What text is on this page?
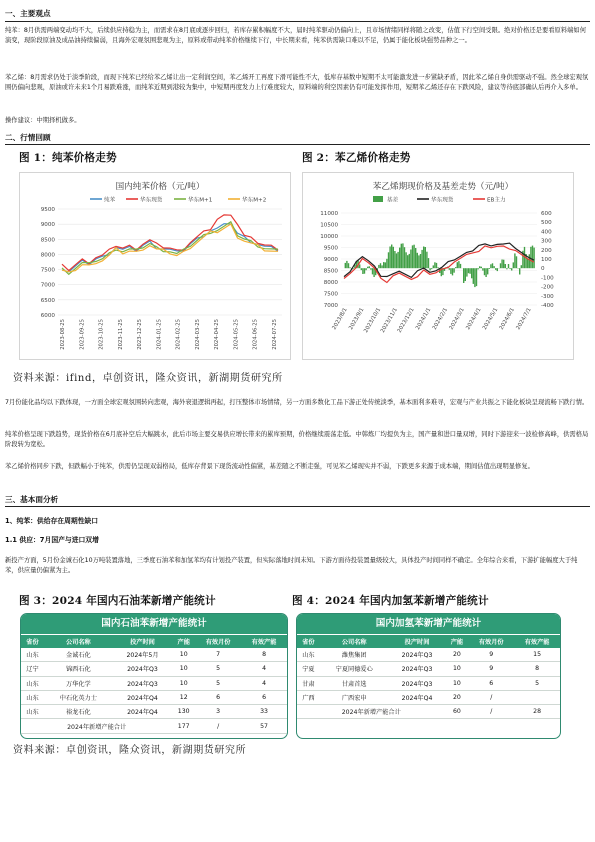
一、主要观点
纯苯：8月供需两端变动均不大，后续供应持稳为主，而需求在8月底或逐步回归，若库存累积幅度不大，届时纯苯驱动仍偏向上，且市场情绪同样将随之改变，估值下行空间受限。绝对价格还是要看原料端如何演变，现阶段原油及成品油持续偏弱，且海外宏观氛围悲观为主，原料或带动纯苯价格继续下行，中长期来看，纯苯供需缺口难以不足，仍属于能化板块强势品种之一。
苯乙烯：8月需求仍处于淡季阶段，而现下纯苯已经给苯乙烯让出一定利润空间，苯乙烯开工再度下滑可能性不大，低库存基数中短期不太可能激发进一步紧缺矛盾，因此苯乙烯自身供需驱动不强。然全球宏观氛围仍偏向悲观，原油或许未来1个月易跌难涨，而纯苯近期到港较为集中，中短期再度发力上行难度较大，原料端的利空因素仍有可能发挥作用，短期苯乙烯还存在下跌风险，建议等待底部确认后再介入多单。
操作建议：中期择机做多。
二、行情回顾
图 1：纯苯价格走势	图 2：苯乙烯价格走势
国内纯苯价格（元/吨）
纯苯	华东现货	华东M+1	华东M+2
9500
9000
8500
8000
7500
7000
6500
6000
2023-08-25	2023-09-25	2023-10-25	2023-11-25	2023-12-25	2024-01-25	2024-02-25	2024-03-25	2024-04-25	2024-05-25	2024-06-25	2024-07-25
苯乙烯期现价格及基差走势（元/吨）
基差	华东现货	EB主力
11000
10500
10000
9500
9000
8500
8000
7500
7000
600
500
400
300
200
100
0
-100
-200
-300
-400
2023/8/1 2023/9/1
2023/10/1
2023/11/1
2023/12/1 2024/1/1 2024/2/1 2024/3/1 2024/4/1 2024/5/1 2024/6/1 2024/7/1
资料来源：ifind，卓创资讯，隆众资讯，新湖期货研究所
7月份能化品均以下跌体现，一方面全球宏观氛围转向悲观，海外衰退逻辑再起，打压整体市场情绪，另一方面多数化工品下游正处传统淡季，基本面利多难寻，宏观与产业共振之下能化板块呈现流畅下跌行情。
纯苯价格呈现下跌趋势，现货价格在6月底补空后大幅跳水，此后市场主要交易供应增长带来的累库预期，价格继续震荡走低。中韩炼厂均提负为主，国产量和进口量双增，同时下游迎来一波检修高峰，供需格局阶段转为宽松。
苯乙烯价格同步下跌，但跌幅小于纯苯，供需仍呈现双弱格局，低库存背景下现货流动性偏紧，基差随之不断走强，可见苯乙烯现实并不弱，下跌更多来源于成本端，期间估值出现明显修复。
三、基本面分析
1、纯苯：供给存在周期性缺口
1.1 供应：7月国产与进口双增
新投产方面，5月份金诚石化10万吨装置落地，三季度石油苯和加氢苯均有计划投产装置，但实际落地时间未知。下游方面待投装置量级较大，具体投产时间同样不确定。全年综合来看，下游扩能幅度大于纯苯，供应量仍偏紧为主。
图 3：2024 年国内石油苯新增产能统计	图 4：2024 年国内加氢苯新增产能统计
国内石油苯新增产能统计
省份	公司名称	投产时间	产能	有效月份	有效产能
山东	金诚石化	2024年5月	10	7	8
辽宁	锦西石化	2024年Q3	10	5	4
山东	万华化学	2024年Q3	10	5	4
山东	中石化英力士	2024年Q4	12	6	6
山东	裕龙石化	2024年Q4	130	3	33
2024年新增产能合计			177	/	57
国内加氢苯新增产能统计
省份	公司名称	投产时间	产能	有效月份	有效产能
山东	潍焦集团	2024年Q3	20	9	15
宁夏	宁夏同德爱心	2024年Q3	10	9	8
甘肃	甘肃首选	2024年Q3	10	6	5
广西	广西宏申	2024年Q4	20	/	
2024年新增产能合计			60	/	28
资料来源：卓创资讯，隆众资讯，新湖期货研究所
